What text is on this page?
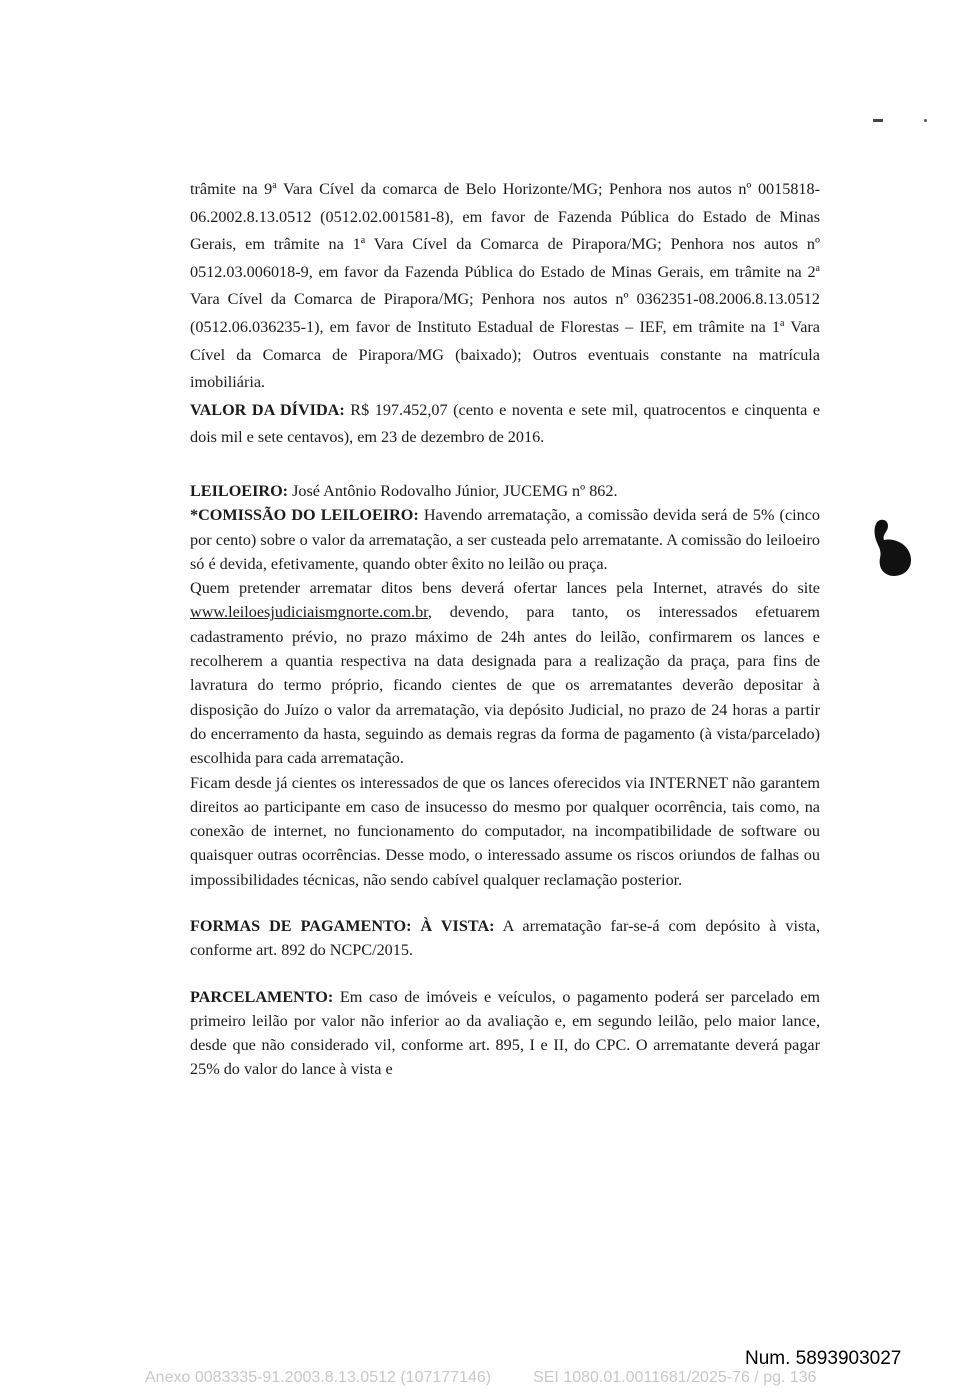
trâmite na 9$^a$ Vara Cível da comarca de Belo Horizonte/MG; Penhora nos autos nº 0015818-06.2002.8.13.0512 (0512.02.001581-8), em favor de Fazenda Pública do Estado de Minas Gerais, em trâmite na 1$^a$ Vara Cível da Comarca de Pirapora/MG; Penhora nos autos nº 0512.03.006018-9, em favor da Fazenda Pública do Estado de Minas Gerais, em trâmite na 2$^a$ Vara Cível da Comarca de Pirapora/MG; Penhora nos autos nº 0362351-08.2006.8.13.0512 (0512.06.036235-1), em favor de Instituto Estadual de Florestas – IEF, em trâmite na 1$^a$ Vara Cível da Comarca de Pirapora/MG (baixado); Outros eventuais constante na matrícula imobiliária.

VALOR DA DÍVIDA: R$ 197.452,07 (cento e noventa e sete mil, quatrocentos e cinquenta e dois mil e sete centavos), em 23 de dezembro de 2016.

LEILOEIRO: José Antônio Rodovalho Júnior, JUCEMG nº 862.

*COMISSÃO DO LEILOEIRO: Havendo arrematação, a comissão devida será de 5% (cinco por cento) sobre o valor da arrematação, a ser custeada pelo arrematante. A comissão do leiloeiro só é devida, efetivamente, quando obter êxito no leilão ou praça.

Quem pretender arrematar ditos bens deverá ofertar lances pela Internet, através do site www.leiloesjudiciaismgnorte.com.br, devendo, para tanto, os interessados efetuarem cadastramento prévio, no prazo máximo de 24h antes do leilão, confirmarem os lances e recolherem a quantia respectiva na data designada para a realização da praça, para fins de lavratura do termo próprio, ficando cientes de que os arrematantes deverão depositar à disposição do Juízo o valor da arrematação, via depósito Judicial, no prazo de 24 horas a partir do encerramento da hasta, seguindo as demais regras da forma de pagamento (à vista/parcelado) escolhida para cada arrematação.

Ficam desde já cientes os interessados de que os lances oferecidos via INTERNET não garantem direitos ao participante em caso de insucesso do mesmo por qualquer ocorrência, tais como, na conexão de internet, no funcionamento do computador, na incompatibilidade de software ou quaisquer outras ocorrências. Desse modo, o interessado assume os riscos oriundos de falhas ou impossibilidades técnicas, não sendo cabível qualquer reclamação posterior.

FORMAS DE PAGAMENTO: À VISTA: A arrematação far-se-á com depósito à vista, conforme art. 892 do NCPC/2015.

PARCELAMENTO: Em caso de imóveis e veículos, o pagamento poderá ser parcelado em primeiro leilão por valor não inferior ao da avaliação e, em segundo leilão, pelo maior lance, desde que não considerado vil, conforme art. 895, I e II, do CPC. O arrematante deverá pagar 25% do valor do lance à vista e

Num. 5893903027
Anexo 0083335-91.2003.8.13.0512 (107177146)	SEI 1080.01.0011681/2025-76 / pg. 136
